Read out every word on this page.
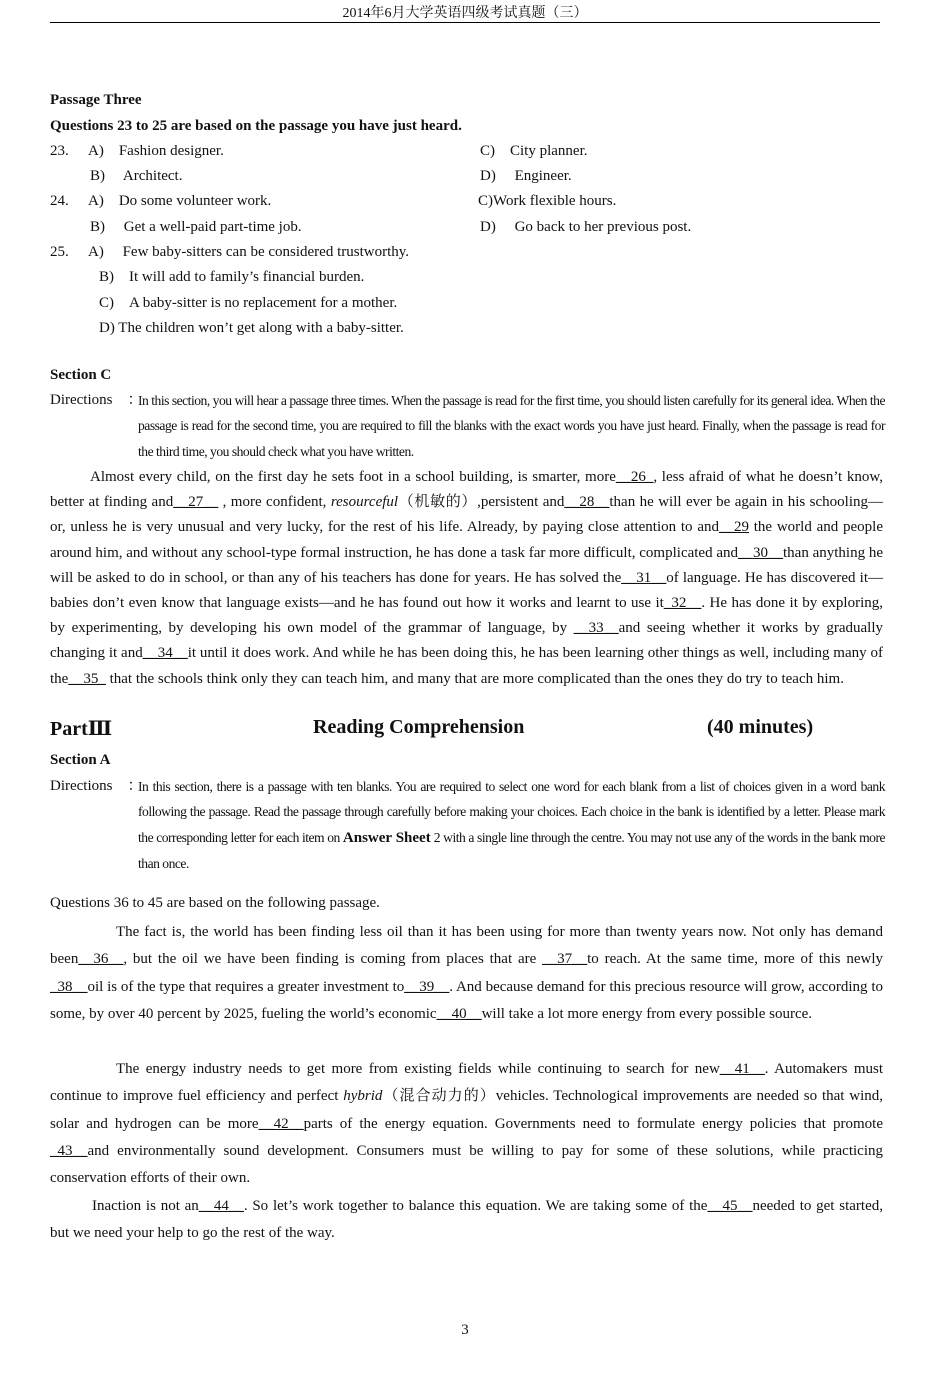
2014年6月大学英语四级考试真题（三）
Passage Three
Questions 23 to 25 are based on the passage you have just heard.
23. A)　Fashion designer.	C)　City planner.
B)　 Architect.	D)　 Engineer.
24. A)　Do some volunteer work.	C)Work flexible hours.
B)　 Get a well-paid part-time job.	D)　 Go back to her previous post.
25. A)　 Few baby-sitters can be considered trustworthy.
B)　It will add to family’s financial burden.
C)　A baby-sitter is no replacement for a mother.
D) The children won’t get along with a baby-sitter.
Section C
Directions　：
In this section, you will hear a passage three times. When the passage is read for the first time, you should listen carefully for its general idea. When the passage is read for the second time, you are required to fill the blanks with the exact words you have just heard. Finally, when the passage is read for the third time, you should check what you have written.
Almost every child, on the first day he sets foot in a school building, is smarter, more__26_, less afraid of what he doesn’t know, better at finding and__27__ , more confident, resourceful（机敏的）,persistent and__28__than he will ever be again in his schooling—or, unless he is very unusual and very lucky, for the rest of his life. Already, by paying close attention to and__29 the world and people around him, and without any school-type formal instruction, he has done a task far more difficult, complicated and__30__than anything he will be asked to do in school, or than any of his teachers has done for years. He has solved the__31__of language. He has discovered it—babies don’t even know that language exists—and he has found out how it works and learnt to use it_32__. He has done it by exploring, by experimenting, by developing his own model of the grammar of language, by __33__and seeing whether it works by gradually changing it and__34__it until it does work. And while he has been doing this, he has been learning other things as well, including many of the__35_ that the schools think only they can teach him, and many that are more complicated than the ones they do try to teach him.
PartⅢ	Reading Comprehension	(40 minutes)
Section A
Directions　：
In this section, there is a passage with ten blanks. You are required to select one word for each blank from a list of choices given in a word bank following the passage. Read the passage through carefully before making your choices. Each choice in the bank is identified by a letter. Please mark the corresponding letter for each item on Answer Sheet 2 with a single line through the centre. You may not use any of the words in the bank more than once.
Questions 36 to 45 are based on the following passage.
The fact is, the world has been finding less oil than it has been using for more than twenty years now. Not only has demand been__36__, but the oil we have been finding is coming from places that are __37__to reach. At the same time, more of this newly _38__oil is of the type that requires a greater investment to__39__. And because demand for this precious resource will grow, according to some, by over 40 percent by 2025, fueling the world’s economic__40__will take a lot more energy from every possible source.
The energy industry needs to get more from existing fields while continuing to search for new__41__. Automakers must continue to improve fuel efficiency and perfect hybrid（混合动力的）vehicles. Technological improvements are needed so that wind, solar and hydrogen can be more__42__parts of the energy equation. Governments need to formulate energy policies that promote _43__and environmentally sound development. Consumers must be willing to pay for some of these solutions, while practicing conservation efforts of their own.
Inaction is not an__44__. So let’s work together to balance this equation. We are taking some of the__45__needed to get started, but we need your help to go the rest of the way.
3
